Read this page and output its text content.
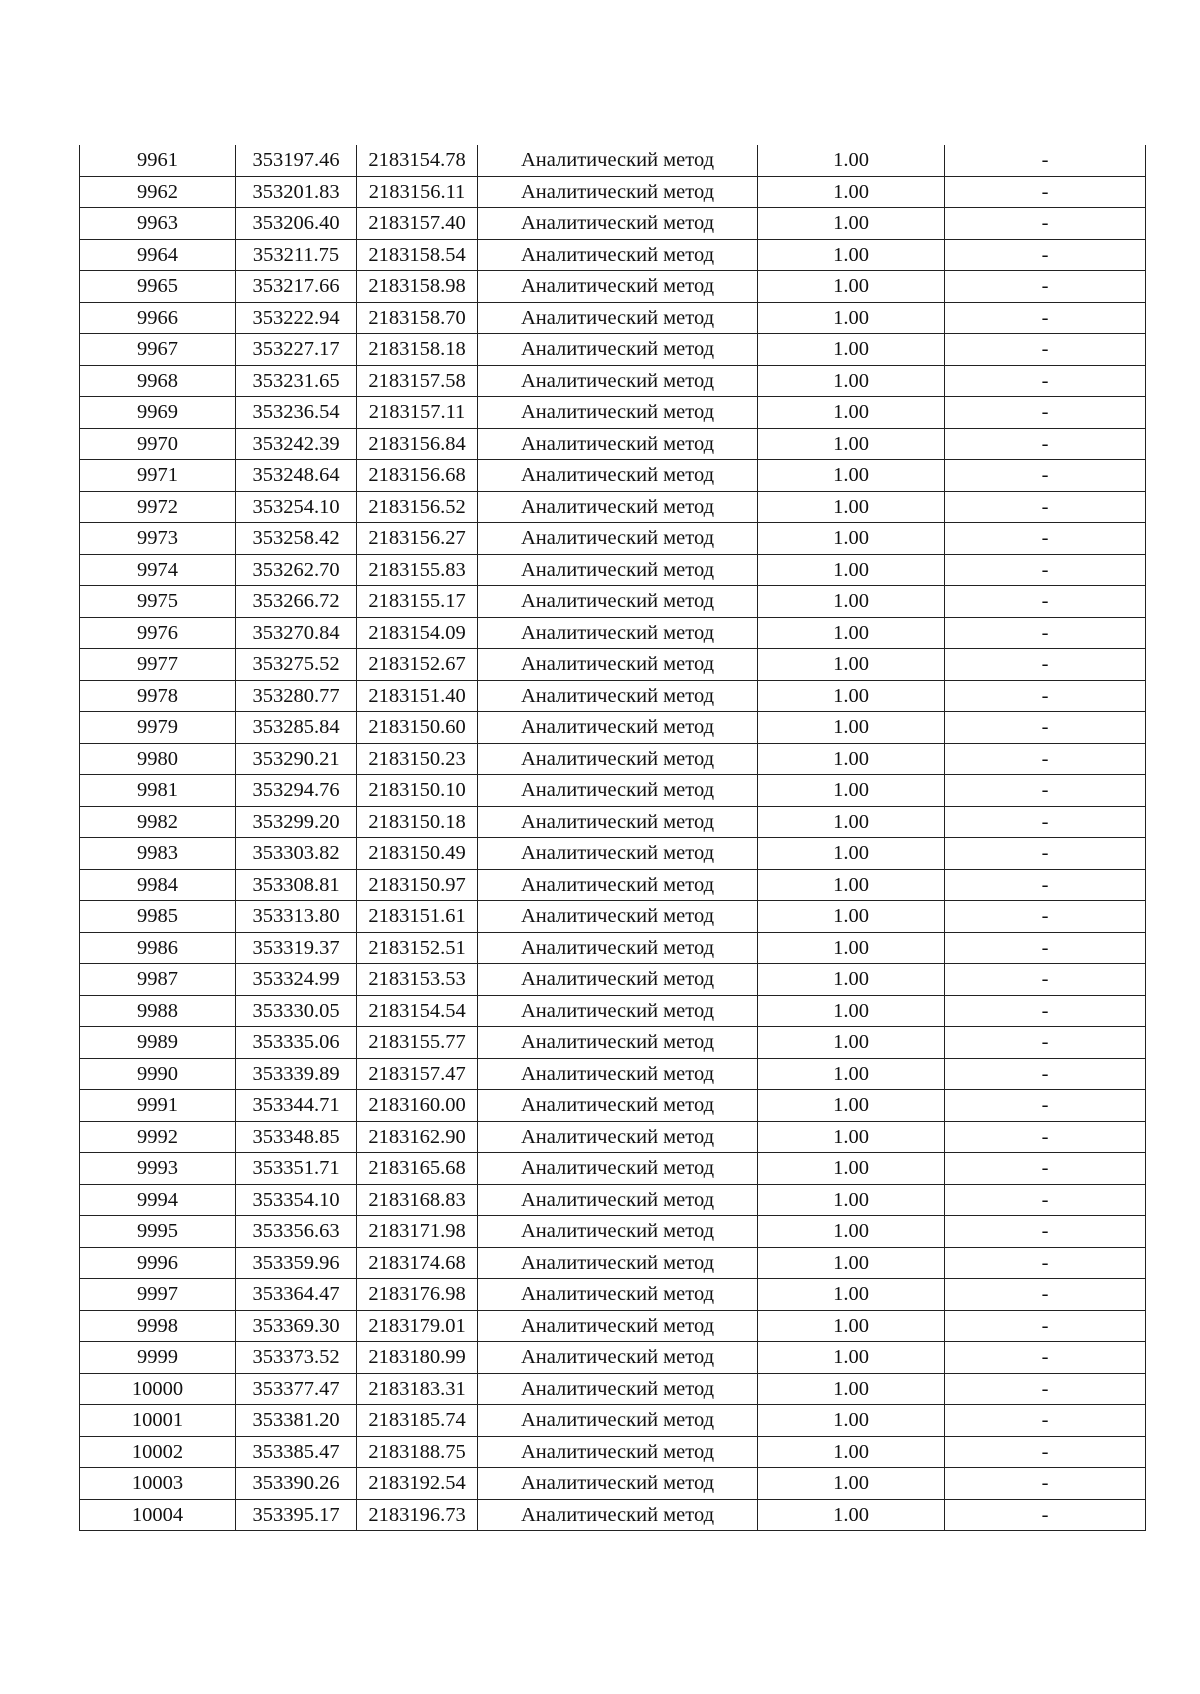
9961	353197.46	2183154.78	Аналитический метод	1.00	-
9962	353201.83	2183156.11	Аналитический метод	1.00	-
9963	353206.40	2183157.40	Аналитический метод	1.00	-
9964	353211.75	2183158.54	Аналитический метод	1.00	-
9965	353217.66	2183158.98	Аналитический метод	1.00	-
9966	353222.94	2183158.70	Аналитический метод	1.00	-
9967	353227.17	2183158.18	Аналитический метод	1.00	-
9968	353231.65	2183157.58	Аналитический метод	1.00	-
9969	353236.54	2183157.11	Аналитический метод	1.00	-
9970	353242.39	2183156.84	Аналитический метод	1.00	-
9971	353248.64	2183156.68	Аналитический метод	1.00	-
9972	353254.10	2183156.52	Аналитический метод	1.00	-
9973	353258.42	2183156.27	Аналитический метод	1.00	-
9974	353262.70	2183155.83	Аналитический метод	1.00	-
9975	353266.72	2183155.17	Аналитический метод	1.00	-
9976	353270.84	2183154.09	Аналитический метод	1.00	-
9977	353275.52	2183152.67	Аналитический метод	1.00	-
9978	353280.77	2183151.40	Аналитический метод	1.00	-
9979	353285.84	2183150.60	Аналитический метод	1.00	-
9980	353290.21	2183150.23	Аналитический метод	1.00	-
9981	353294.76	2183150.10	Аналитический метод	1.00	-
9982	353299.20	2183150.18	Аналитический метод	1.00	-
9983	353303.82	2183150.49	Аналитический метод	1.00	-
9984	353308.81	2183150.97	Аналитический метод	1.00	-
9985	353313.80	2183151.61	Аналитический метод	1.00	-
9986	353319.37	2183152.51	Аналитический метод	1.00	-
9987	353324.99	2183153.53	Аналитический метод	1.00	-
9988	353330.05	2183154.54	Аналитический метод	1.00	-
9989	353335.06	2183155.77	Аналитический метод	1.00	-
9990	353339.89	2183157.47	Аналитический метод	1.00	-
9991	353344.71	2183160.00	Аналитический метод	1.00	-
9992	353348.85	2183162.90	Аналитический метод	1.00	-
9993	353351.71	2183165.68	Аналитический метод	1.00	-
9994	353354.10	2183168.83	Аналитический метод	1.00	-
9995	353356.63	2183171.98	Аналитический метод	1.00	-
9996	353359.96	2183174.68	Аналитический метод	1.00	-
9997	353364.47	2183176.98	Аналитический метод	1.00	-
9998	353369.30	2183179.01	Аналитический метод	1.00	-
9999	353373.52	2183180.99	Аналитический метод	1.00	-
10000	353377.47	2183183.31	Аналитический метод	1.00	-
10001	353381.20	2183185.74	Аналитический метод	1.00	-
10002	353385.47	2183188.75	Аналитический метод	1.00	-
10003	353390.26	2183192.54	Аналитический метод	1.00	-
10004	353395.17	2183196.73	Аналитический метод	1.00	-
